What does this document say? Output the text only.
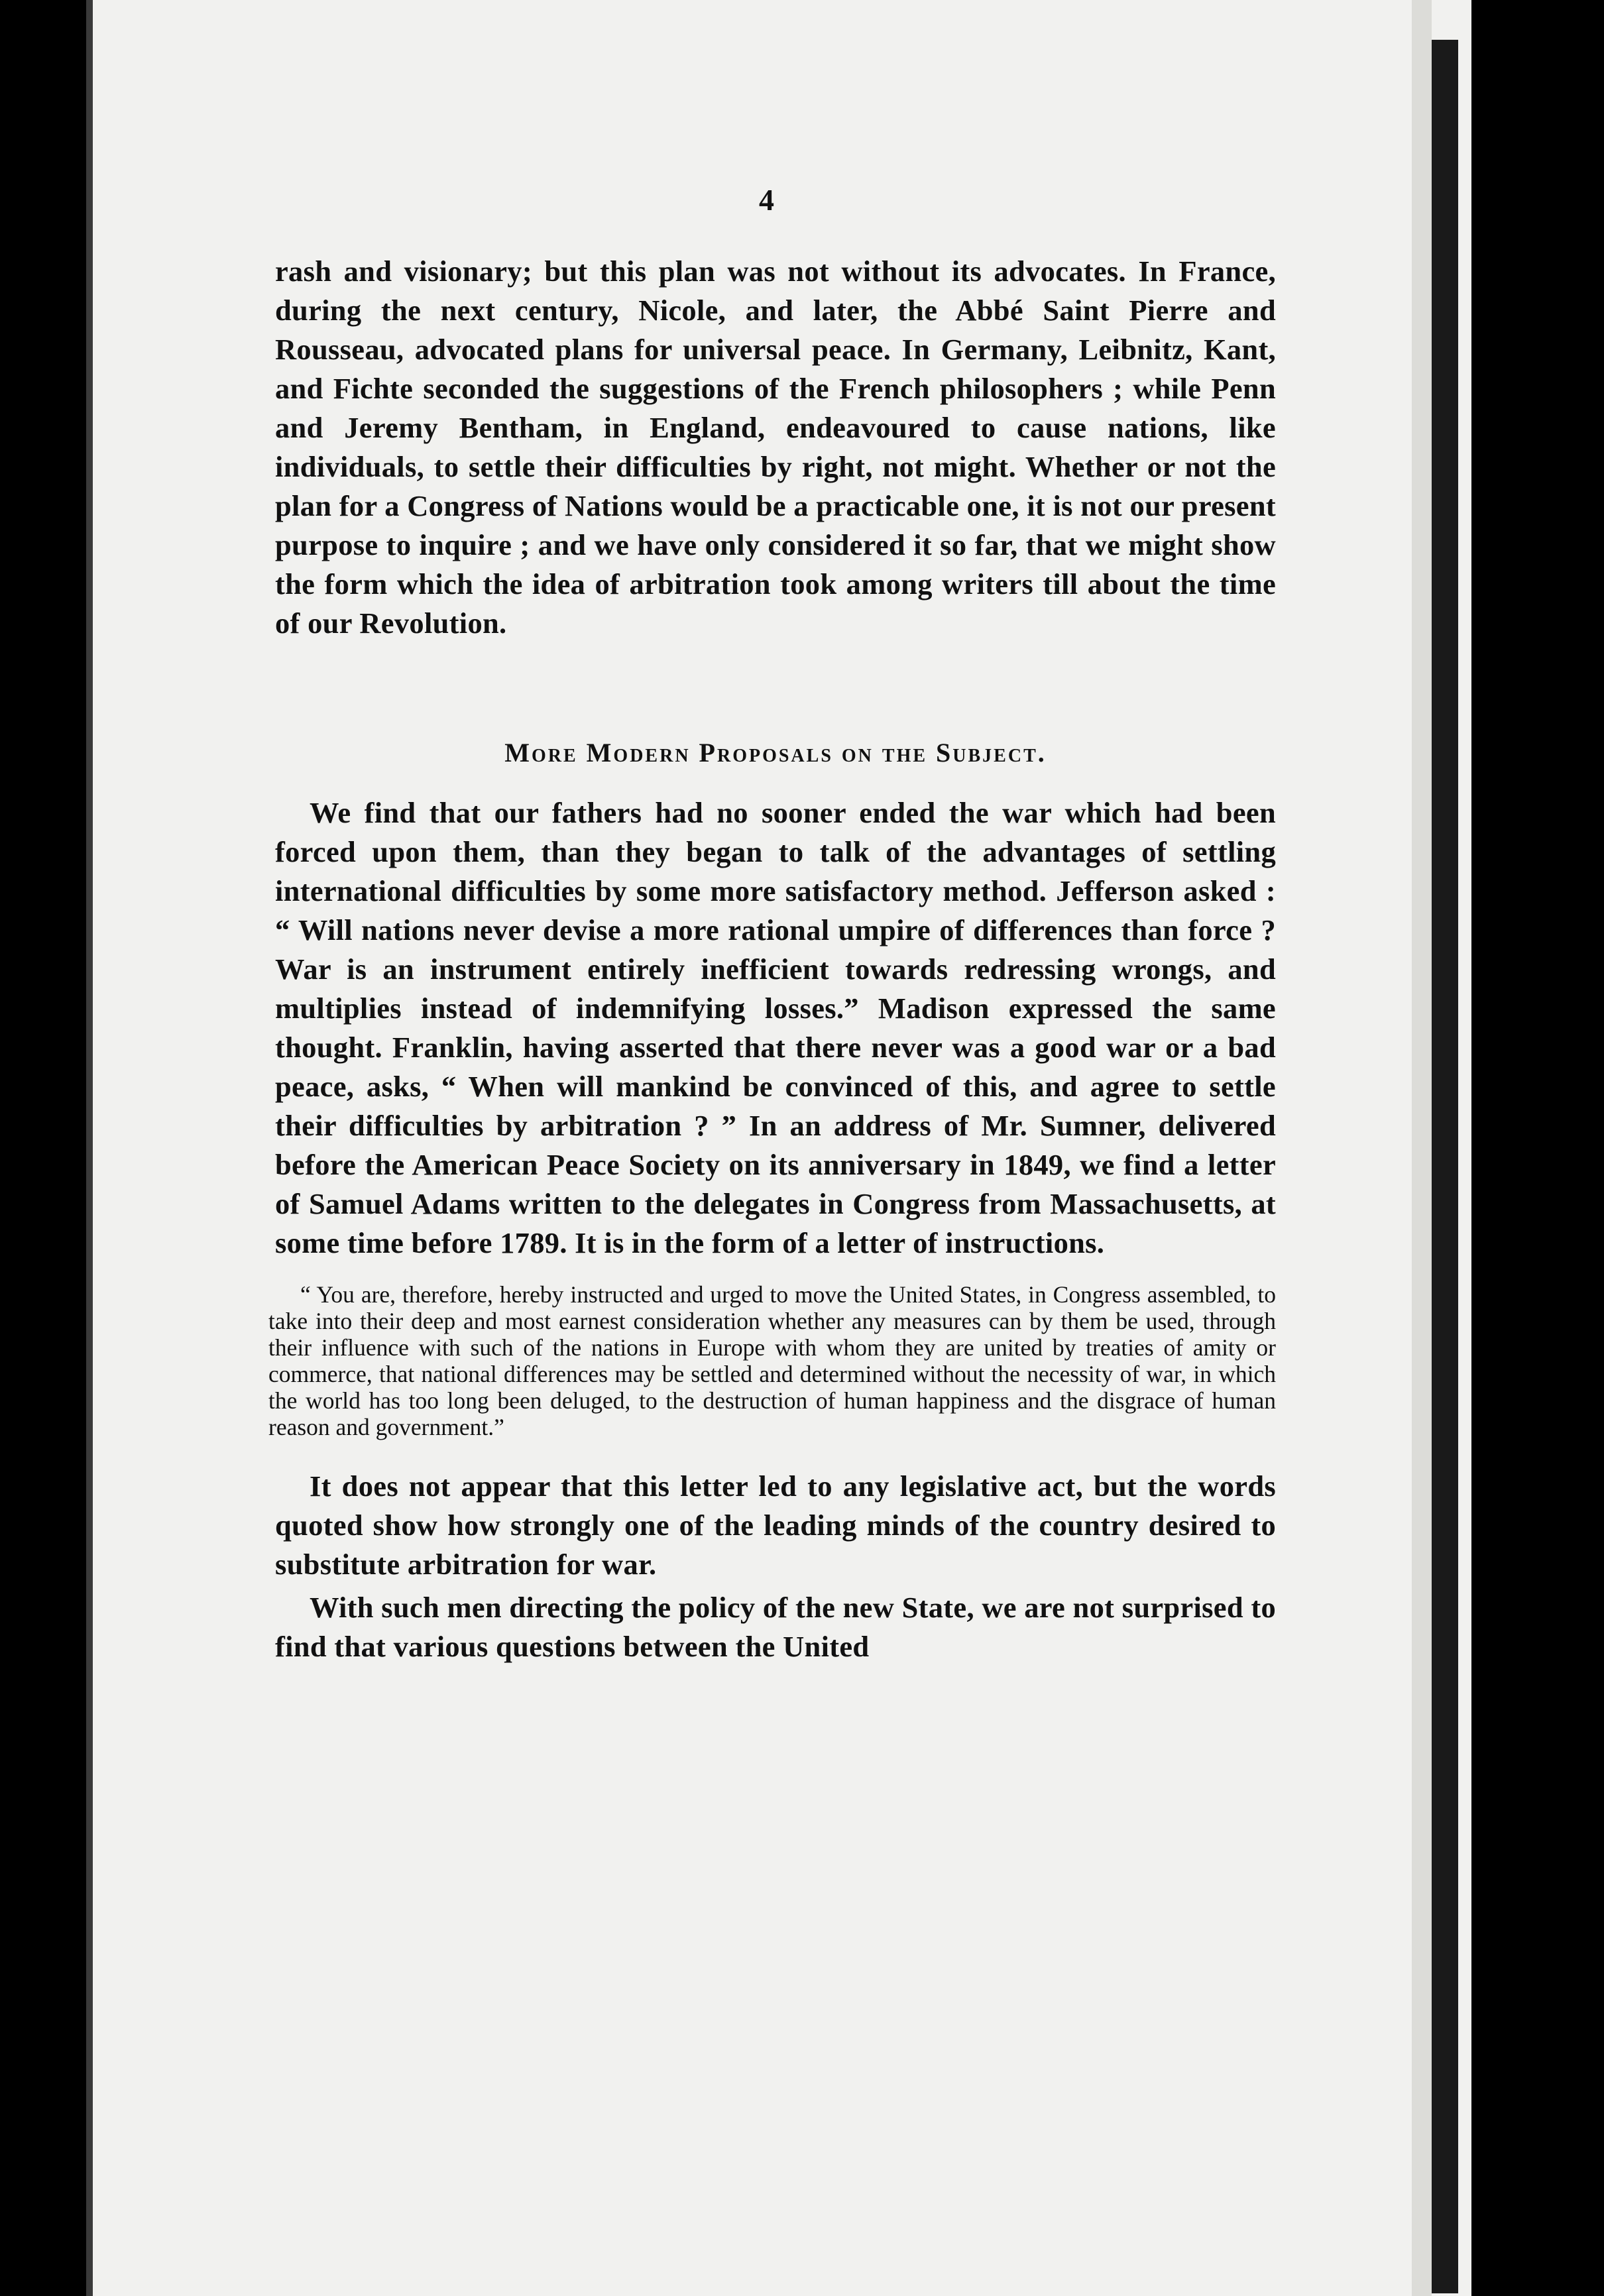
4

rash and visionary; but this plan was not without its advocates. In France, during the next century, Nicole, and later, the Abbé Saint Pierre and Rousseau, advocated plans for universal peace. In Germany, Leibnitz, Kant, and Fichte seconded the suggestions of the French philosophers ; while Penn and Jeremy Bentham, in England, endeavoured to cause nations, like individuals, to settle their difficulties by right, not might. Whether or not the plan for a Congress of Nations would be a practicable one, it is not our present purpose to inquire ; and we have only considered it so far, that we might show the form which the idea of arbitration took among writers till about the time of our Revolution.

More Modern Proposals on the Subject.

We find that our fathers had no sooner ended the war which had been forced upon them, than they began to talk of the advantages of settling international difficulties by some more satisfactory method. Jefferson asked : “ Will nations never devise a more rational umpire of differences than force ? War is an instrument entirely inefficient towards redressing wrongs, and multiplies instead of indemnifying losses.” Madison expressed the same thought. Franklin, having asserted that there never was a good war or a bad peace, asks, “ When will mankind be convinced of this, and agree to settle their difficulties by arbitration ? ” In an address of Mr. Sumner, delivered before the American Peace Society on its anniversary in 1849, we find a letter of Samuel Adams written to the delegates in Congress from Massachusetts, at some time before 1789. It is in the form of a letter of instructions.

“ You are, therefore, hereby instructed and urged to move the United States, in Congress assembled, to take into their deep and most earnest consideration whether any measures can by them be used, through their influence with such of the nations in Europe with whom they are united by treaties of amity or commerce, that national differences may be settled and determined without the necessity of war, in which the world has too long been deluged, to the destruction of human happiness and the disgrace of human reason and government.”

It does not appear that this letter led to any legislative act, but the words quoted show how strongly one of the leading minds of the country desired to substitute arbitration for war.

With such men directing the policy of the new State, we are not surprised to find that various questions between the United
